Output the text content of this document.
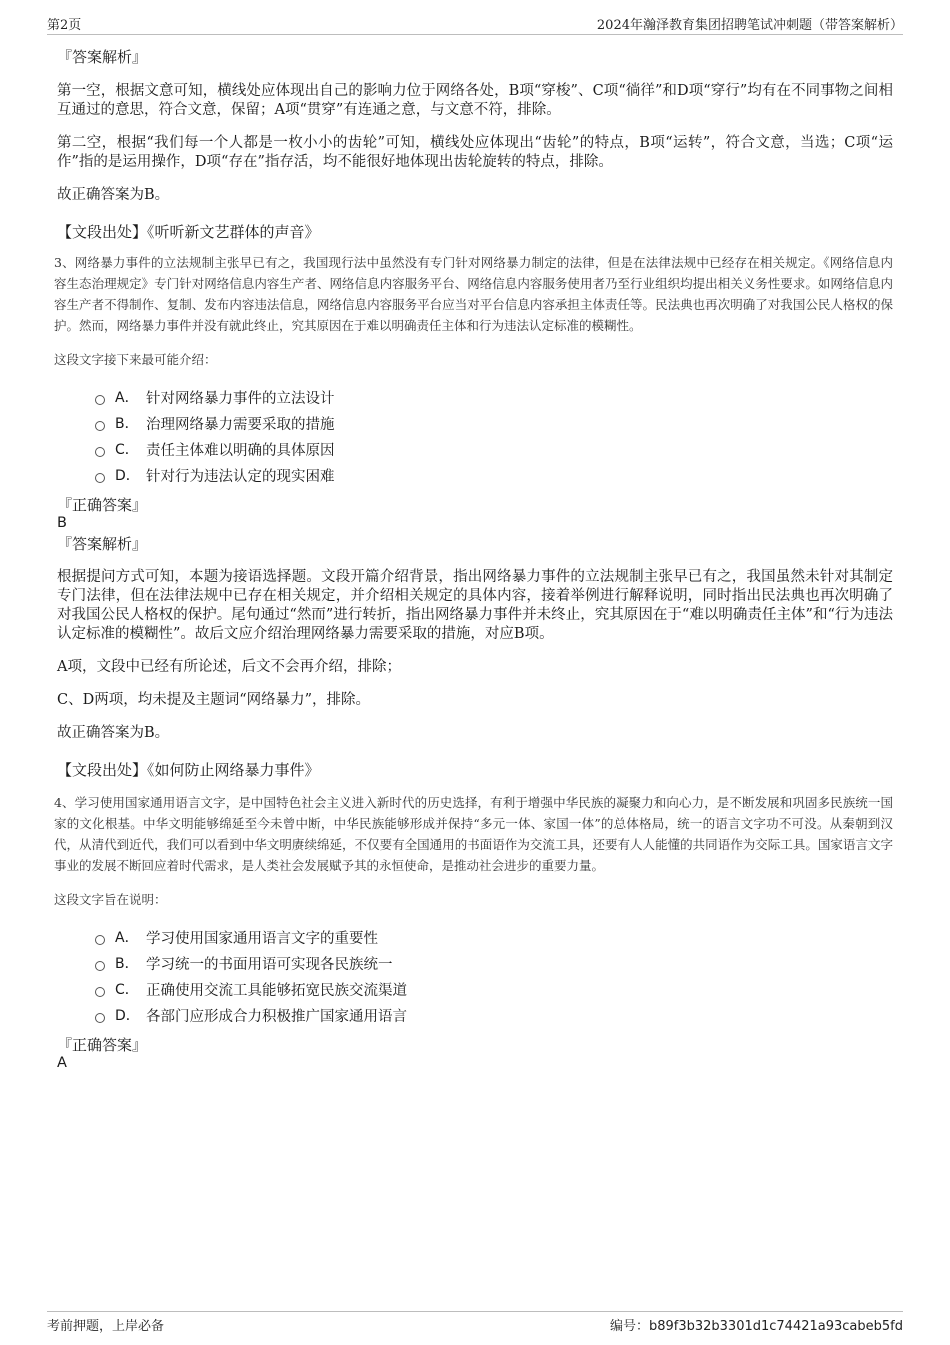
第2页	2024年瀚泽教育集团招聘笔试冲刺题（带答案解析）
『答案解析』

第一空，根据文意可知，横线处应体现出自己的影响力位于网络各处，B项“穿梭”、C项“徜徉”和D项“穿行”均有在不同事物之间相互通过的意思，符合文意，保留；A项“贯穿”有连通之意，与文意不符，排除。

第二空，根据“我们每一个人都是一枚小小的齿轮”可知，横线处应体现出“齿轮”的特点，B项“运转”，符合文意，当选；C项“运作”指的是运用操作，D项“存在”指存活，均不能很好地体现出齿轮旋转的特点，排除。

故正确答案为B。

【文段出处】《听听新文艺群体的声音》

3、网络暴力事件的立法规制主张早已有之，我国现行法中虽然没有专门针对网络暴力制定的法律，但是在法律法规中已经存在相关规定。《网络信息内容生态治理规定》专门针对网络信息内容生产者、网络信息内容服务平台、网络信息内容服务使用者乃至行业组织均提出相关义务性要求。如网络信息内容生产者不得制作、复制、发布内容违法信息，网络信息内容服务平台应当对平台信息内容承担主体责任等。民法典也再次明确了对我国公民人格权的保护。然而，网络暴力事件并没有就此终止，究其原因在于难以明确责任主体和行为违法认定标准的模糊性。

这段文字接下来最可能介绍：
A． 针对网络暴力事件的立法设计
B． 治理网络暴力需要采取的措施
C． 责任主体难以明确的具体原因
D． 针对行为违法认定的现实困难
『正确答案』
B
『答案解析』

根据提问方式可知，本题为接语选择题。文段开篇介绍背景，指出网络暴力事件的立法规制主张早已有之，我国虽然未针对其制定专门法律，但在法律法规中已存在相关规定，并介绍相关规定的具体内容，接着举例进行解释说明，同时指出民法典也再次明确了对我国公民人格权的保护。尾句通过“然而”进行转折，指出网络暴力事件并未终止，究其原因在于“难以明确责任主体”和“行为违法认定标准的模糊性”。故后文应介绍治理网络暴力需要采取的措施，对应B项。

A项，文段中已经有所论述，后文不会再介绍，排除；

C、D两项，均未提及主题词“网络暴力”，排除。

故正确答案为B。

【文段出处】《如何防止网络暴力事件》

4、学习使用国家通用语言文字，是中国特色社会主义进入新时代的历史选择，有利于增强中华民族的凝聚力和向心力，是不断发展和巩固多民族统一国家的文化根基。中华文明能够绵延至今未曾中断，中华民族能够形成并保持“多元一体、家国一体”的总体格局，统一的语言文字功不可没。从秦朝到汉代，从清代到近代，我们可以看到中华文明赓续绵延，不仅要有全国通用的书面语作为交流工具，还要有人人能懂的共同语作为交际工具。国家语言文字事业的发展不断回应着时代需求，是人类社会发展赋予其的永恒使命，是推动社会进步的重要力量。

这段文字旨在说明：
A． 学习使用国家通用语言文字的重要性
B． 学习统一的书面用语可实现各民族统一
C． 正确使用交流工具能够拓宽民族交流渠道
D． 各部门应形成合力积极推广国家通用语言
『正确答案』
A
考前押题，上岸必备	编号：b89f3b32b3301d1c74421a93cabeb5fd
